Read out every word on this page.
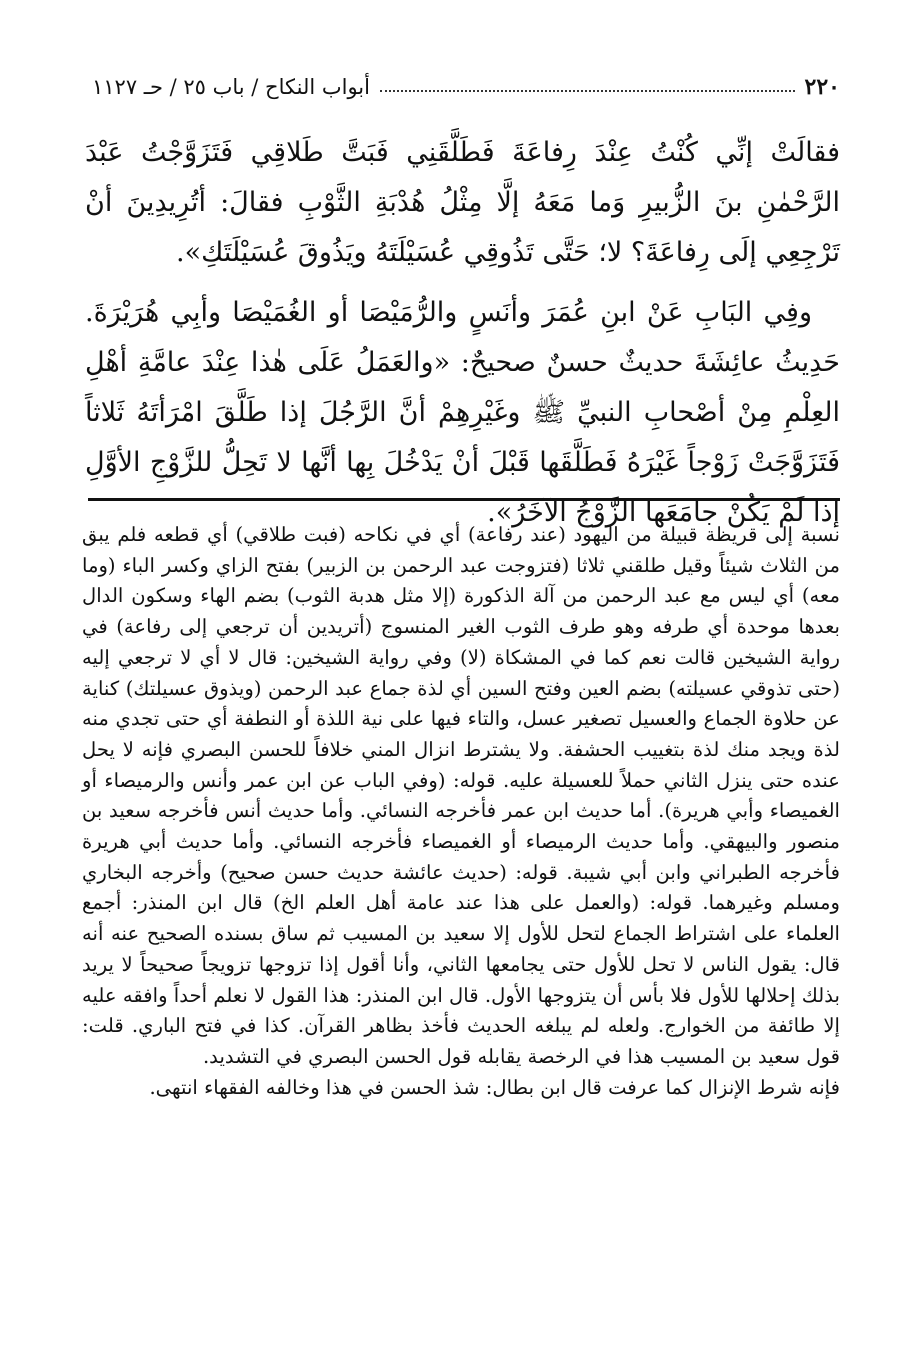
٢٢٠
أبواب النكاح / باب ٢٥ / حـ ١١٢٧

فقالَتْ إنِّي كُنْتُ عِنْدَ رِفاعَةَ فَطَلَّقَنِي فَبَتَّ طَلاقِي فَتَزَوَّجْتُ عَبْدَ الرَّحْمٰنِ بنَ الزُّبيرِ وَما مَعَهُ إلَّا مِثْلُ هُدْبَةِ الثَّوْبِ فقالَ: أتُرِيدِينَ أنْ تَرْجِعِي إلَى رِفاعَةَ؟ لا؛ حَتَّى تَذُوقِي عُسَيْلَتَهُ ويَذُوقَ عُسَيْلَتَكِ».

وفِي البَابِ عَنْ ابنِ عُمَرَ وأنَسٍ والرُّمَيْصَا أو الغُمَيْصَا وأبِي هُرَيْرَةَ. حَدِيثُ عائِشَةَ حديثٌ حسنٌ صحيحٌ: «والعَمَلُ عَلَى هٰذا عِنْدَ عامَّةِ أهْلِ العِلْمِ مِنْ أصْحابِ النبيِّ ﷺ وغَيْرِهِمْ أنَّ الرَّجُلَ إذا طَلَّقَ امْرَأتَهُ ثَلاثاً فَتَزَوَّجَتْ زَوْجاً غَيْرَهُ فَطَلَّقَها قَبْلَ أنْ يَدْخُلَ بِها أنَّها لا تَحِلُّ للزَّوْجِ الأوَّلِ إذا لَمْ يَكُنْ جامَعَها الزَّوْجُ الآخَرُ».

نسبة إلى قريظة قبيلة من اليهود (عند رفاعة) أي في نكاحه (فبت طلاقي) أي قطعه فلم يبق من الثلاث شيئاً وقيل طلقني ثلاثا (فتزوجت عبد الرحمن بن الزبير) بفتح الزاي وكسر الباء (وما معه) أي ليس مع عبد الرحمن من آلة الذكورة (إلا مثل هدبة الثوب) بضم الهاء وسكون الدال بعدها موحدة أي طرفه وهو طرف الثوب الغير المنسوج (أتريدين أن ترجعي إلى رفاعة) في رواية الشيخين قالت نعم كما في المشكاة (لا) وفي رواية الشيخين: قال لا أي لا ترجعي إليه (حتى تذوقي عسيلته) بضم العين وفتح السين أي لذة جماع عبد الرحمن (ويذوق عسيلتك) كناية عن حلاوة الجماع والعسيل تصغير عسل، والتاء فيها على نية اللذة أو النطفة أي حتى تجدي منه لذة ويجد منك لذة بتغييب الحشفة. ولا يشترط انزال المني خلافاً للحسن البصري فإنه لا يحل عنده حتى ينزل الثاني حملاً للعسيلة عليه. قوله: (وفي الباب عن ابن عمر وأنس والرميصاء أو الغميصاء وأبي هريرة). أما حديث ابن عمر فأخرجه النسائي. وأما حديث أنس فأخرجه سعيد بن منصور والبيهقي. وأما حديث الرميصاء أو الغميصاء فأخرجه النسائي. وأما حديث أبي هريرة فأخرجه الطبراني وابن أبي شيبة. قوله: (حديث عائشة حديث حسن صحيح) وأخرجه البخاري ومسلم وغيرهما. قوله: (والعمل على هذا عند عامة أهل العلم الخ) قال ابن المنذر: أجمع العلماء على اشتراط الجماع لتحل للأول إلا سعيد بن المسيب ثم ساق بسنده الصحيح عنه أنه قال: يقول الناس لا تحل للأول حتى يجامعها الثاني، وأنا أقول إذا تزوجها تزويجاً صحيحاً لا يريد بذلك إحلالها للأول فلا بأس أن يتزوجها الأول. قال ابن المنذر: هذا القول لا نعلم أحداً وافقه عليه إلا طائفة من الخوارج. ولعله لم يبلغه الحديث فأخذ بظاهر القرآن. كذا في فتح الباري. قلت: قول سعيد بن المسيب هذا في الرخصة يقابله قول الحسن البصري في التشديد.

فإنه شرط الإنزال كما عرفت قال ابن بطال: شذ الحسن في هذا وخالفه الفقهاء انتهى.
